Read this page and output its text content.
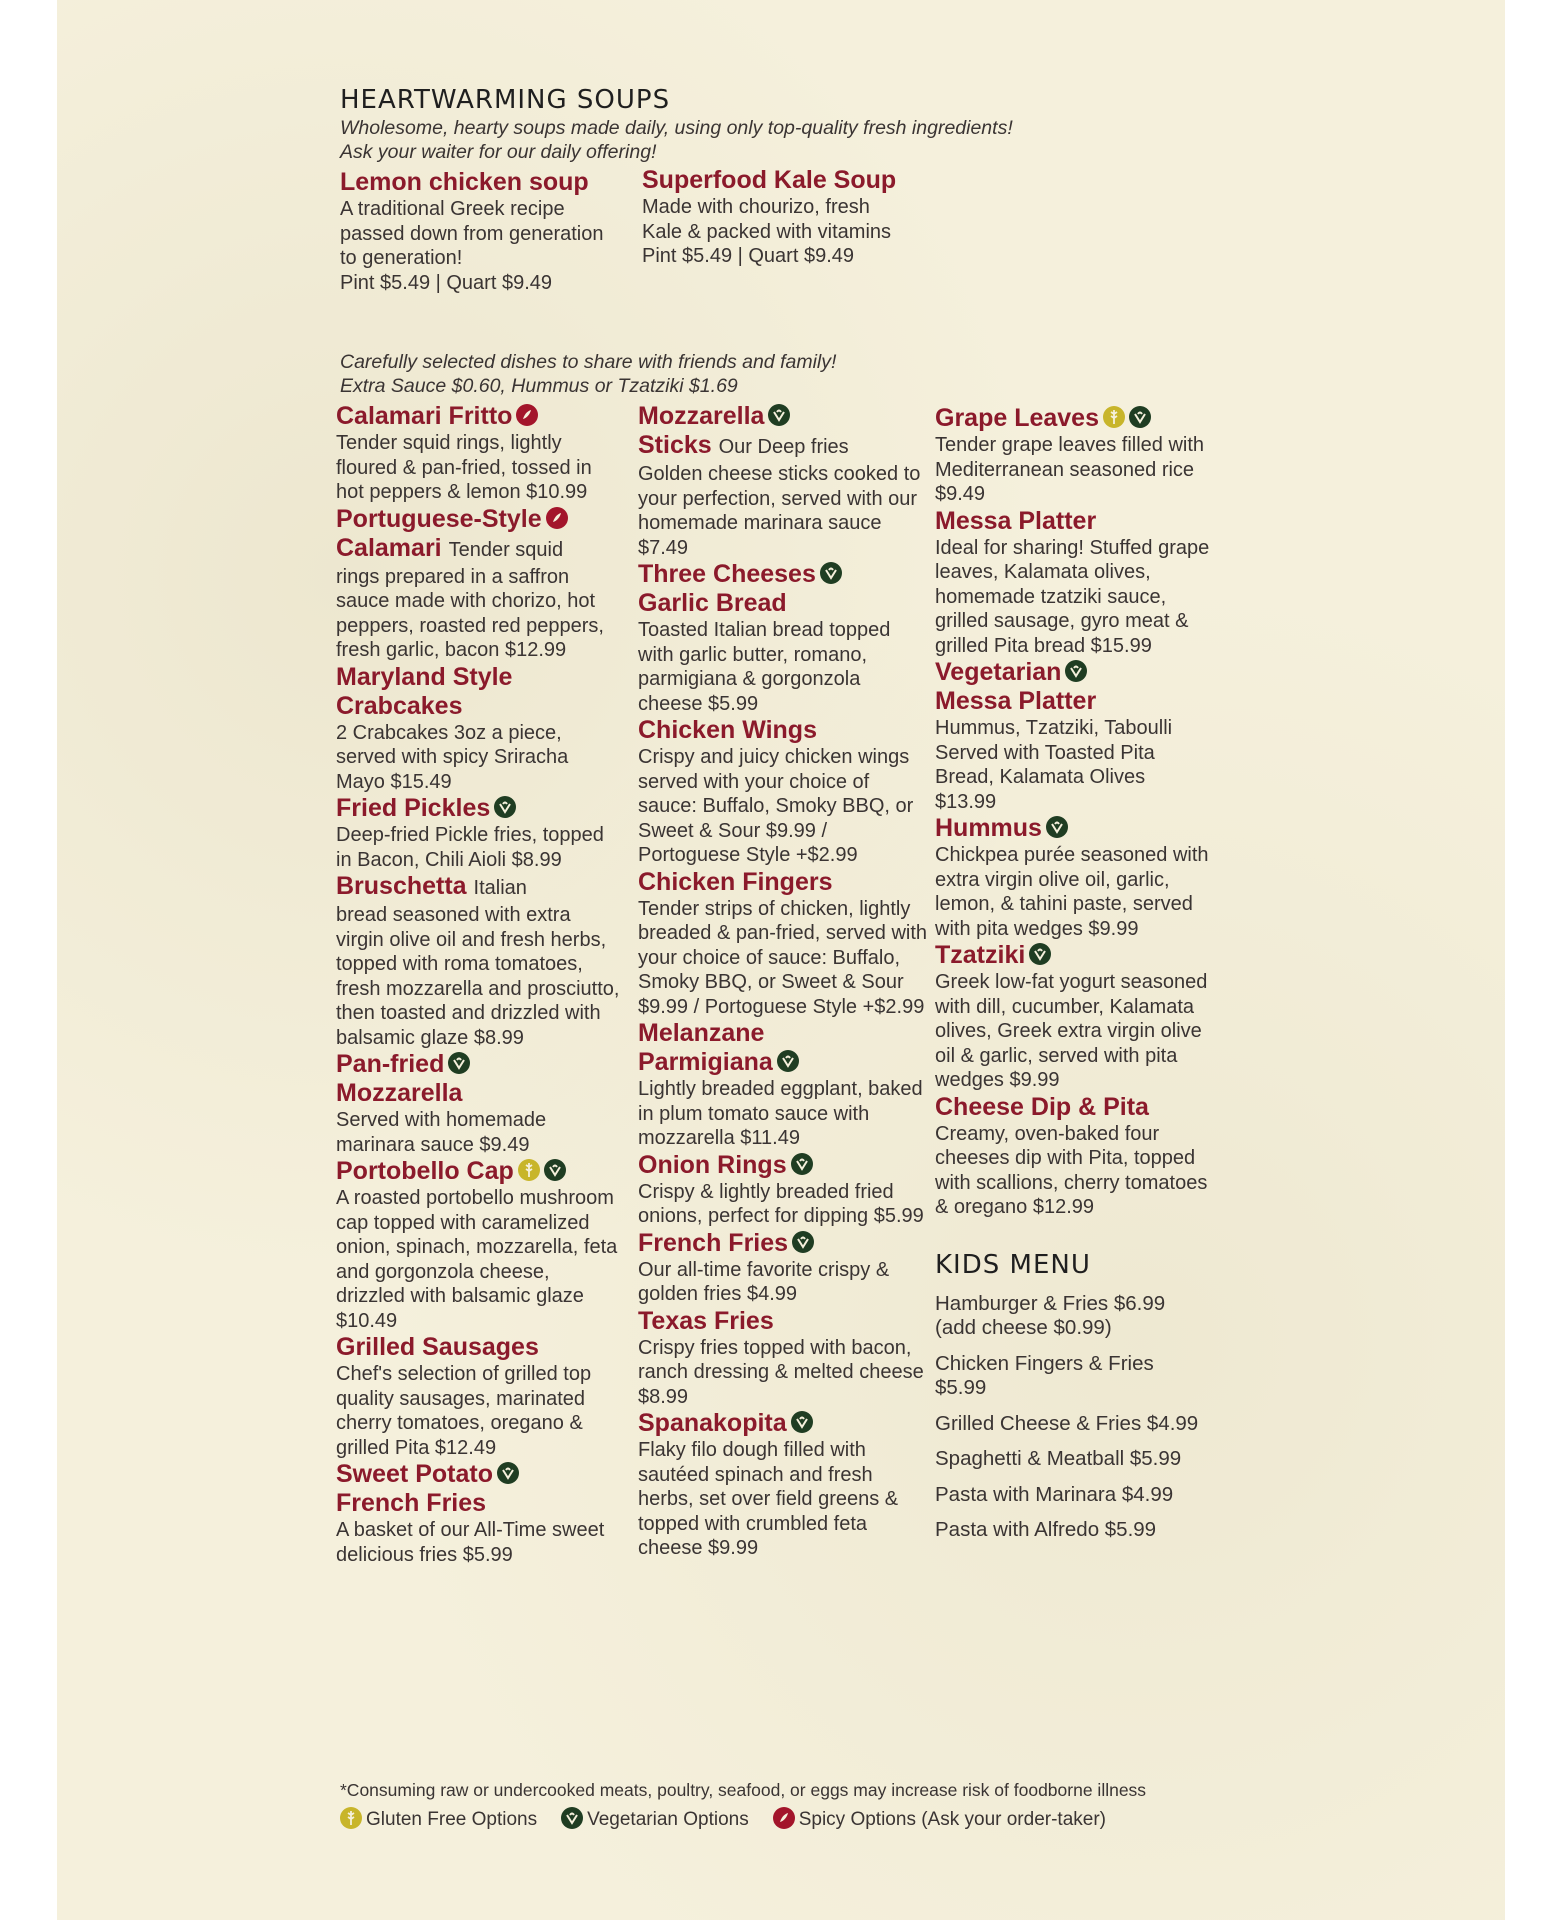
HEARTWARMING SOUPS
Wholesome, hearty soups made daily, using only top-quality fresh ingredients!
Ask your waiter for our daily offering!
Lemon chicken soup
A traditional Greek recipe passed down from generation to generation!
Pint $5.49 | Quart $9.49
Superfood Kale Soup
Made with chourizo, fresh Kale & packed with vitamins
Pint $5.49 | Quart $9.49
Carefully selected dishes to share with friends and family!
Extra Sauce $0.60, Hummus or Tzatziki $1.69
Calamari Fritto
Tender squid rings, lightly floured & pan-fried, tossed in hot peppers & lemon $10.99
Portuguese-Style
Calamari Tender squid
rings prepared in a saffron sauce made with chorizo, hot peppers, roasted red peppers, fresh garlic, bacon $12.99
Maryland Style
Crabcakes
2 Crabcakes 3oz a piece, served with spicy Sriracha Mayo $15.49
Fried Pickles
Deep-fried Pickle fries, topped in Bacon, Chili Aioli $8.99
Bruschetta Italian
bread seasoned with extra virgin olive oil and fresh herbs, topped with roma tomatoes, fresh mozzarella and prosciutto, then toasted and drizzled with balsamic glaze $8.99
Pan-fried
Mozzarella
Served with homemade marinara sauce $9.49
Portobello Cap
A roasted portobello mushroom cap topped with caramelized onion, spinach, mozzarella, feta and gorgonzola cheese, drizzled with balsamic glaze $10.49
Grilled Sausages
Chef's selection of grilled top quality sausages, marinated cherry tomatoes, oregano & grilled Pita $12.49
Sweet Potato
French Fries
A basket of our All-Time sweet delicious fries $5.99
Mozzarella
Sticks Our Deep fries
Golden cheese sticks cooked to your perfection, served with our homemade marinara sauce $7.49
Three Cheeses
Garlic Bread
Toasted Italian bread topped with garlic butter, romano, parmigiana & gorgonzola cheese $5.99
Chicken Wings
Crispy and juicy chicken wings served with your choice of sauce: Buffalo, Smoky BBQ, or Sweet & Sour $9.99 / Portoguese Style +$2.99
Chicken Fingers
Tender strips of chicken, lightly breaded & pan-fried, served with your choice of sauce: Buffalo, Smoky BBQ, or Sweet & Sour $9.99 / Portoguese Style +$2.99
Melanzane
Parmigiana
Lightly breaded eggplant, baked in plum tomato sauce with mozzarella $11.49
Onion Rings
Crispy & lightly breaded fried onions, perfect for dipping $5.99
French Fries
Our all-time favorite crispy & golden fries $4.99
Texas Fries
Crispy fries topped with bacon, ranch dressing & melted cheese $8.99
Spanakopita
Flaky filo dough filled with sautéed spinach and fresh herbs, set over field greens & topped with crumbled feta cheese $9.99
Grape Leaves
Tender grape leaves filled with Mediterranean seasoned rice $9.49
Messa Platter
Ideal for sharing! Stuffed grape leaves, Kalamata olives, homemade tzatziki sauce, grilled sausage, gyro meat & grilled Pita bread $15.99
Vegetarian
Messa Platter
Hummus, Tzatziki, Taboulli Served with Toasted Pita Bread, Kalamata Olives $13.99
Hummus
Chickpea purée seasoned with extra virgin olive oil, garlic, lemon, & tahini paste, served with pita wedges $9.99
Tzatziki
Greek low-fat yogurt seasoned with dill, cucumber, Kalamata olives, Greek extra virgin olive oil & garlic, served with pita wedges $9.99
Cheese Dip & Pita
Creamy, oven-baked four cheeses dip with Pita, topped with scallions, cherry tomatoes & oregano $12.99
KIDS MENU
Hamburger & Fries $6.99
(add cheese $0.99)
Chicken Fingers & Fries $5.99
Grilled Cheese & Fries $4.99
Spaghetti & Meatball $5.99
Pasta with Marinara $4.99
Pasta with Alfredo $5.99
*Consuming raw or undercooked meats, poultry, seafood, or eggs may increase risk of foodborne illness
Gluten Free Options	Vegetarian Options	Spicy Options (Ask your order-taker)
